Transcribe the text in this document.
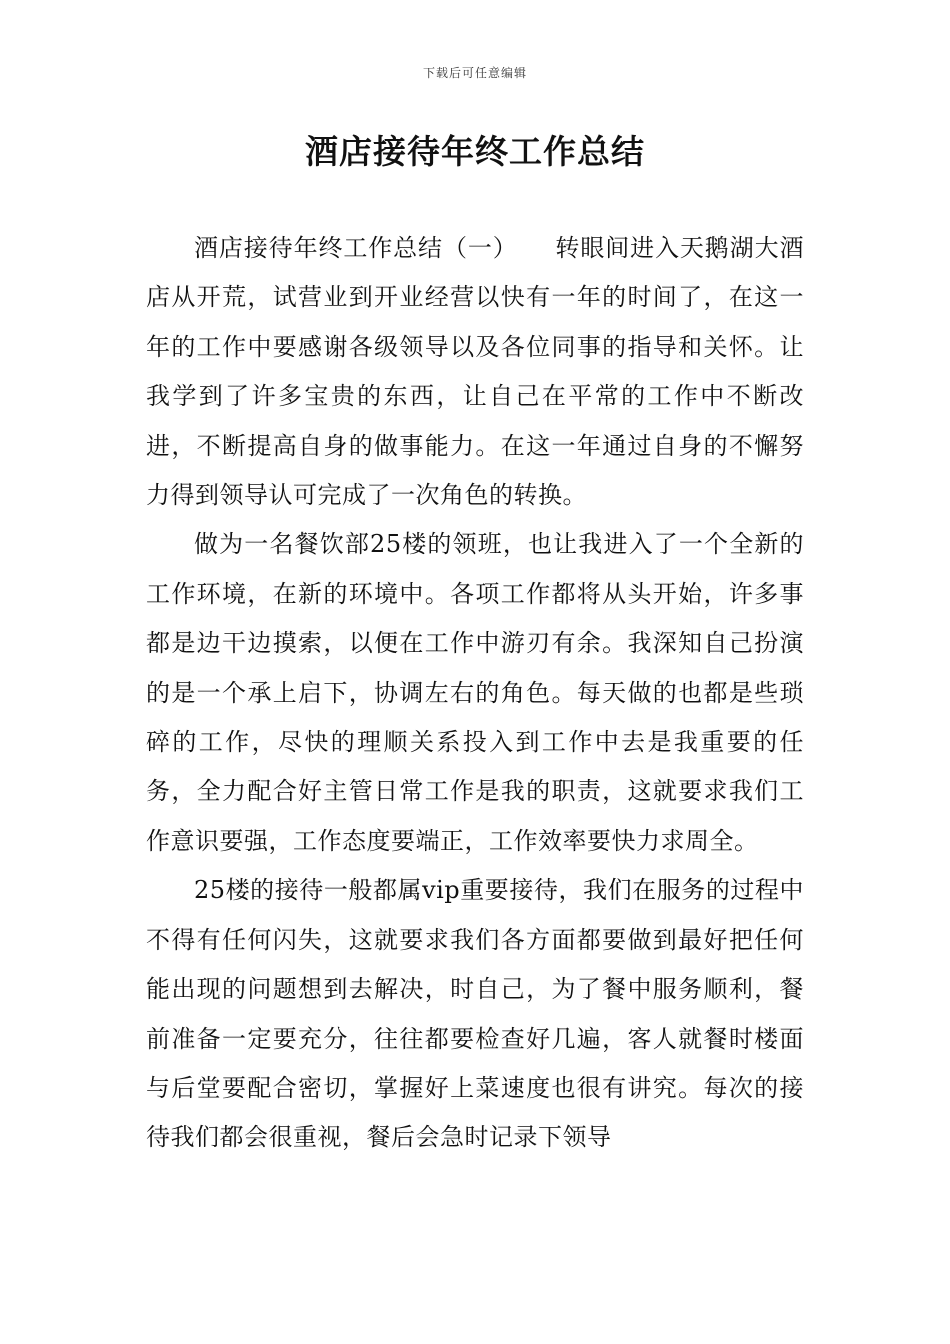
下载后可任意编辑
酒店接待年终工作总结

酒店接待年终工作总结（一）　　转眼间进入天鹅湖大酒店从开荒，试营业到开业经营以快有一年的时间了，在这一年的工作中要感谢各级领导以及各位同事的指导和关怀。让我学到了许多宝贵的东西，让自己在平常的工作中不断改进，不断提高自身的做事能力。在这一年通过自身的不懈努力得到领导认可完成了一次角色的转换。

做为一名餐饮部25楼的领班，也让我进入了一个全新的工作环境，在新的环境中。各项工作都将从头开始，许多事都是边干边摸索，以便在工作中游刃有余。我深知自己扮演的是一个承上启下，协调左右的角色。每天做的也都是些琐碎的工作，尽快的理顺关系投入到工作中去是我重要的任务，全力配合好主管日常工作是我的职责，这就要求我们工作意识要强，工作态度要端正，工作效率要快力求周全。

25楼的接待一般都属vip重要接待，我们在服务的过程中不得有任何闪失，这就要求我们各方面都要做到最好把任何能出现的问题想到去解决，时自己，为了餐中服务顺利，餐前准备一定要充分，往往都要检查好几遍，客人就餐时楼面与后堂要配合密切，掌握好上菜速度也很有讲究。每次的接待我们都会很重视，餐后会急时记录下领导
